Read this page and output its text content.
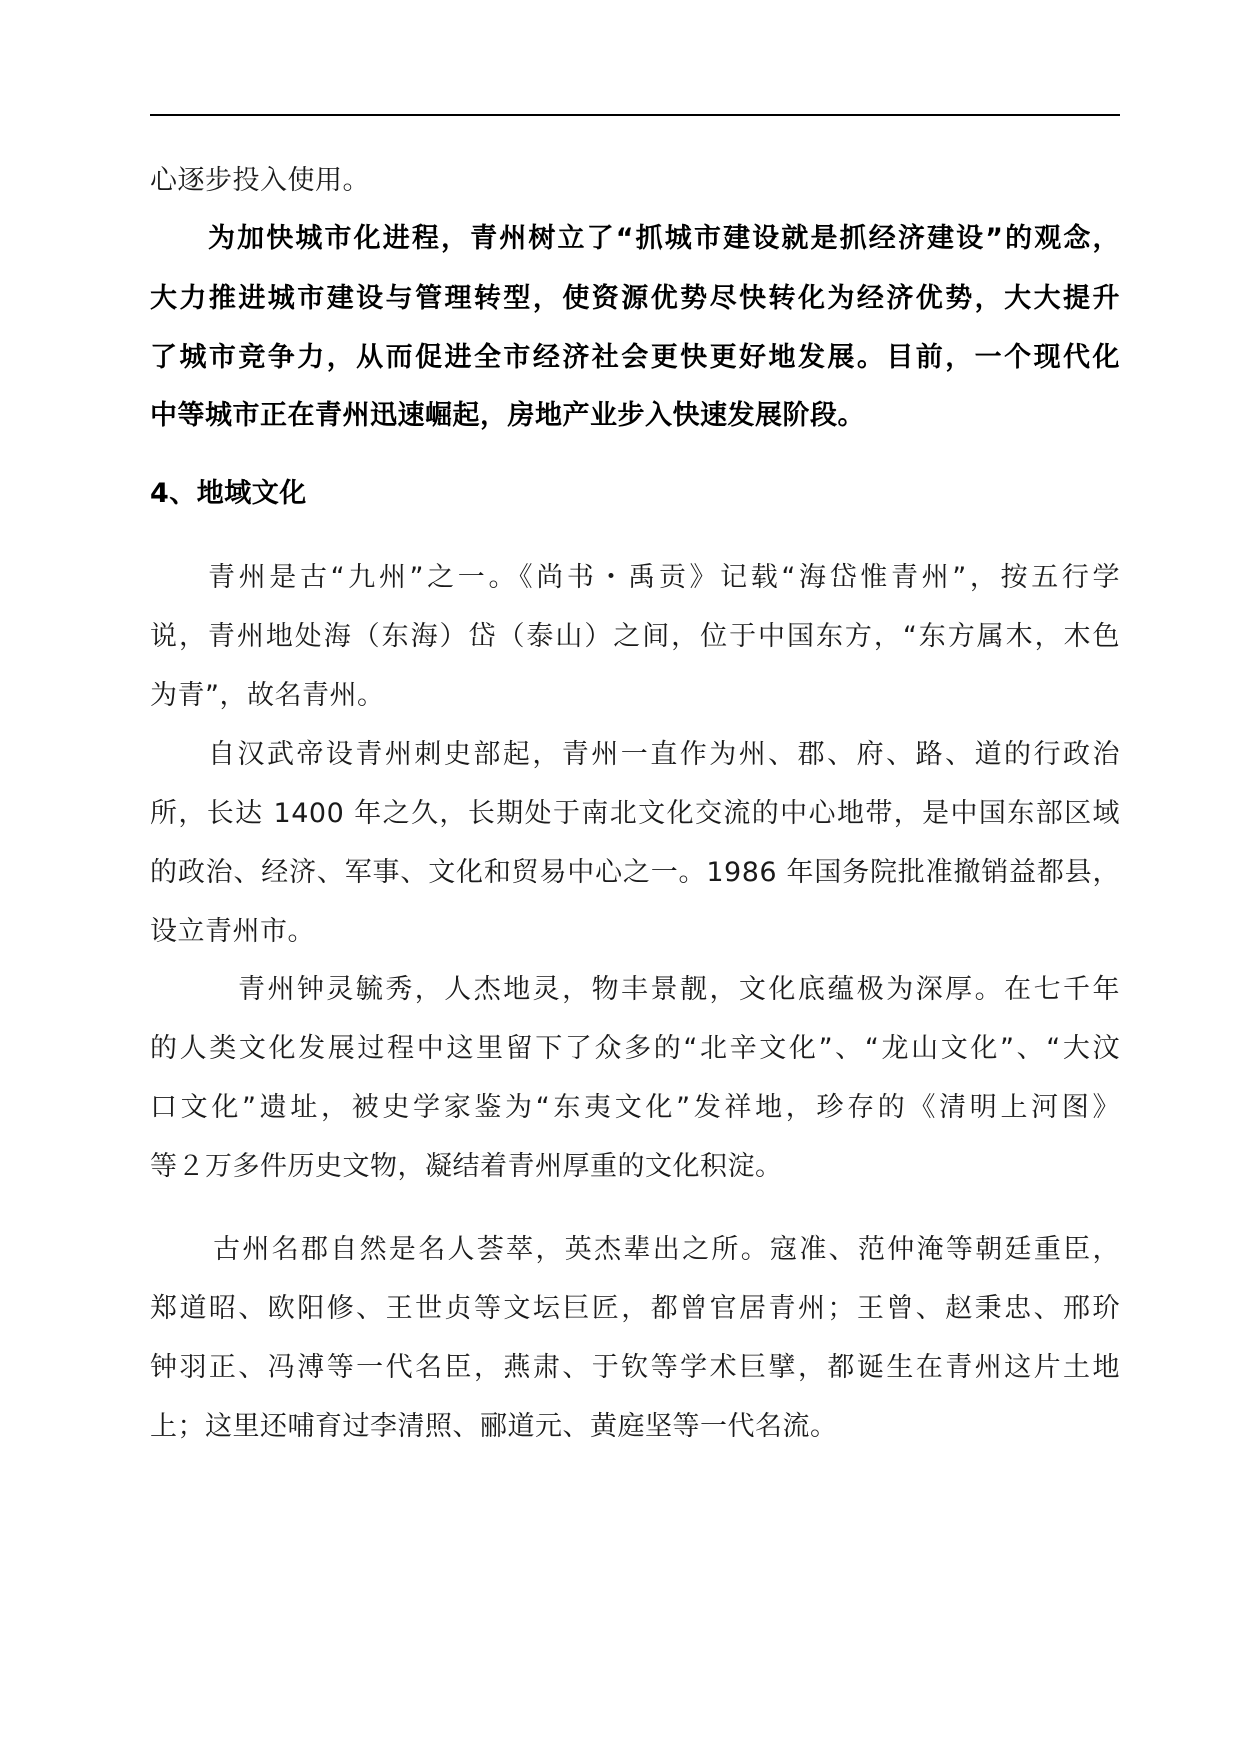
心逐步投入使用。
为加快城市化进程，青州树立了“抓城市建设就是抓经济建设”的观念，
大力推进城市建设与管理转型，使资源优势尽快转化为经济优势，大大提升
了城市竞争力，从而促进全市经济社会更快更好地发展。目前，一个现代化
中等城市正在青州迅速崛起，房地产业步入快速发展阶段。
4、地域文化
青州是古“九州”之一。《尚书・禹贡》记载“海岱惟青州”，按五行学
说，青州地处海（东海）岱（泰山）之间，位于中国东方，“东方属木，木色
为青”，故名青州。
自汉武帝设青州刺史部起，青州一直作为州、郡、府、路、道的行政治
所，长达 1400 年之久，长期处于南北文化交流的中心地带，是中国东部区域
的政治、经济、军事、文化和贸易中心之一。1986 年国务院批准撤销益都县，
设立青州市。
青州钟灵毓秀，人杰地灵，物丰景靓，文化底蕴极为深厚。在七千年
的人类文化发展过程中这里留下了众多的“北辛文化”、“龙山文化”、“大汶
口文化”遗址，被史学家鉴为“东夷文化”发祥地，珍存的《清明上河图》
等２万多件历史文物，凝结着青州厚重的文化积淀。
古州名郡自然是名人荟萃，英杰辈出之所。寇准、范仲淹等朝廷重臣，
郑道昭、欧阳修、王世贞等文坛巨匠，都曾官居青州；王曾、赵秉忠、邢玠
钟羽正、冯溥等一代名臣，燕肃、于钦等学术巨擘，都诞生在青州这片土地
上；这里还哺育过李清照、郦道元、黄庭坚等一代名流。
